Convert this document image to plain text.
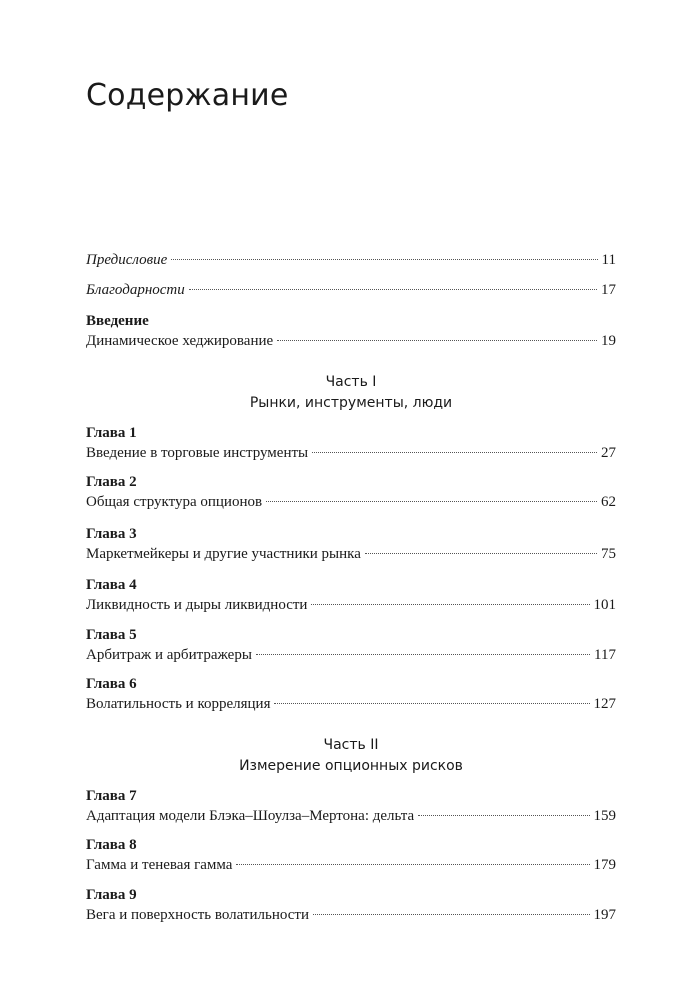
Содержание
Предисловие	11
Благодарности	17
Введение
Динамическое хеджирование	19
Часть I
Рынки, инструменты, люди
Глава 1
Введение в торговые инструменты	27
Глава 2
Общая структура опционов	62
Глава 3
Маркетмейкеры и другие участники рынка	75
Глава 4
Ликвидность и дыры ликвидности	101
Глава 5
Арбитраж и арбитражеры	117
Глава 6
Волатильность и корреляция	127
Часть II
Измерение опционных рисков
Глава 7
Адаптация модели Блэка–Шоулза–Мертона: дельта	159
Глава 8
Гамма и теневая гамма	179
Глава 9
Вега и поверхность волатильности	197
